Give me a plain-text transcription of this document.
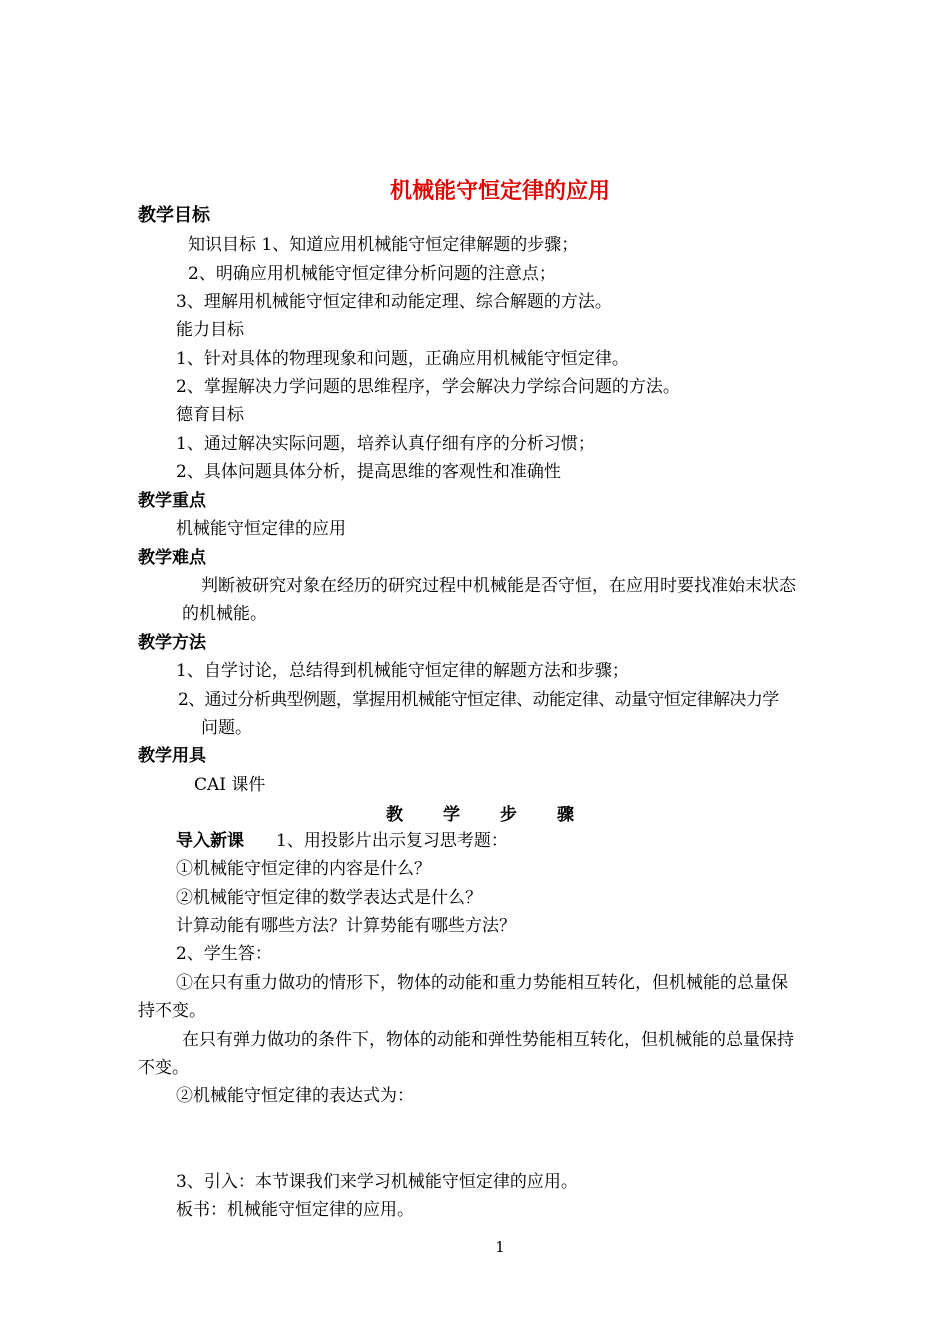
机械能守恒定律的应用
教学目标
知识目标 1、知道应用机械能守恒定律解题的步骤；
2、明确应用机械能守恒定律分析问题的注意点；
3、理解用机械能守恒定律和动能定理、综合解题的方法。
能力目标
1、针对具体的物理现象和问题，正确应用机械能守恒定律。
2、掌握解决力学问题的思维程序，学会解决力学综合问题的方法。
德育目标
1、通过解决实际问题，培养认真仔细有序的分析习惯；
2、具体问题具体分析，提高思维的客观性和准确性
教学重点
机械能守恒定律的应用
教学难点
判断被研究对象在经历的研究过程中机械能是否守恒，在应用时要找准始末状态
的机械能。
教学方法
1、自学讨论，总结得到机械能守恒定律的解题方法和步骤；
2、通过分析典型例题，掌握用机械能守恒定律、动能定律、动量守恒定律解决力学
问题。
教学用具
CAI 课件
教学步骤
导入新课 1、用投影片出示复习思考题：
①机械能守恒定律的内容是什么？
②机械能守恒定律的数学表达式是什么？
计算动能有哪些方法？计算势能有哪些方法？
2、学生答：
①在只有重力做功的情形下，物体的动能和重力势能相互转化，但机械能的总量保
持不变。
在只有弹力做功的条件下，物体的动能和弹性势能相互转化，但机械能的总量保持
不变。
②机械能守恒定律的表达式为：
3、引入：本节课我们来学习机械能守恒定律的应用。
板书：机械能守恒定律的应用。
1
